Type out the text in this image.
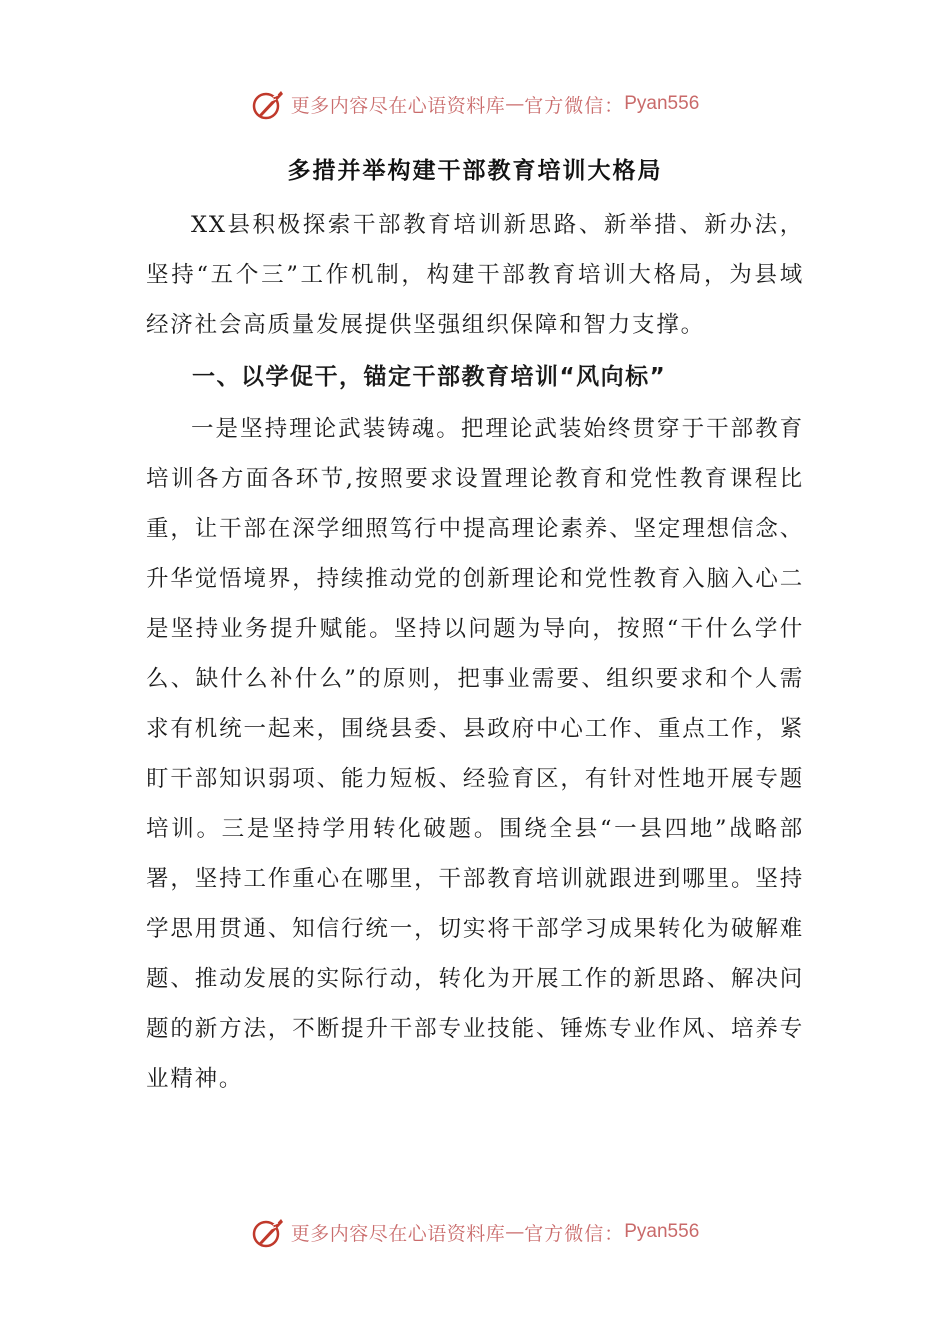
更多内容尽在心语资料库 — 官方微信： Pyan556
多措并举构建干部教育培训大格局

XX县积极探索干部教育培训新思路、新举措、新办法，坚持“五个三”工作机制，构建干部教育培训大格局，为县域经济社会高质量发展提供坚强组织保障和智力支撑。

一、以学促干，锚定干部教育培训“风向标”

一是坚持理论武装铸魂。把理论武装始终贯穿于干部教育培训各方面各环节,按照要求设置理论教育和党性教育课程比重，让干部在深学细照笃行中提高理论素养、坚定理想信念、升华觉悟境界，持续推动党的创新理论和党性教育入脑入心二是坚持业务提升赋能。坚持以问题为导向，按照“干什么学什么、缺什么补什么”的原则，把事业需要、组织要求和个人需求有机统一起来，围绕县委、县政府中心工作、重点工作，紧盯干部知识弱项、能力短板、经验育区，有针对性地开展专题培训。三是坚持学用转化破题。围绕全县“一县四地”战略部署，坚持工作重心在哪里，干部教育培训就跟进到哪里。坚持学思用贯通、知信行统一，切实将干部学习成果转化为破解难题、推动发展的实际行动，转化为开展工作的新思路、解决问题的新方法，不断提升干部专业技能、锤炼专业作风、培养专业精神。

更多内容尽在心语资料库 — 官方微信： Pyan556
